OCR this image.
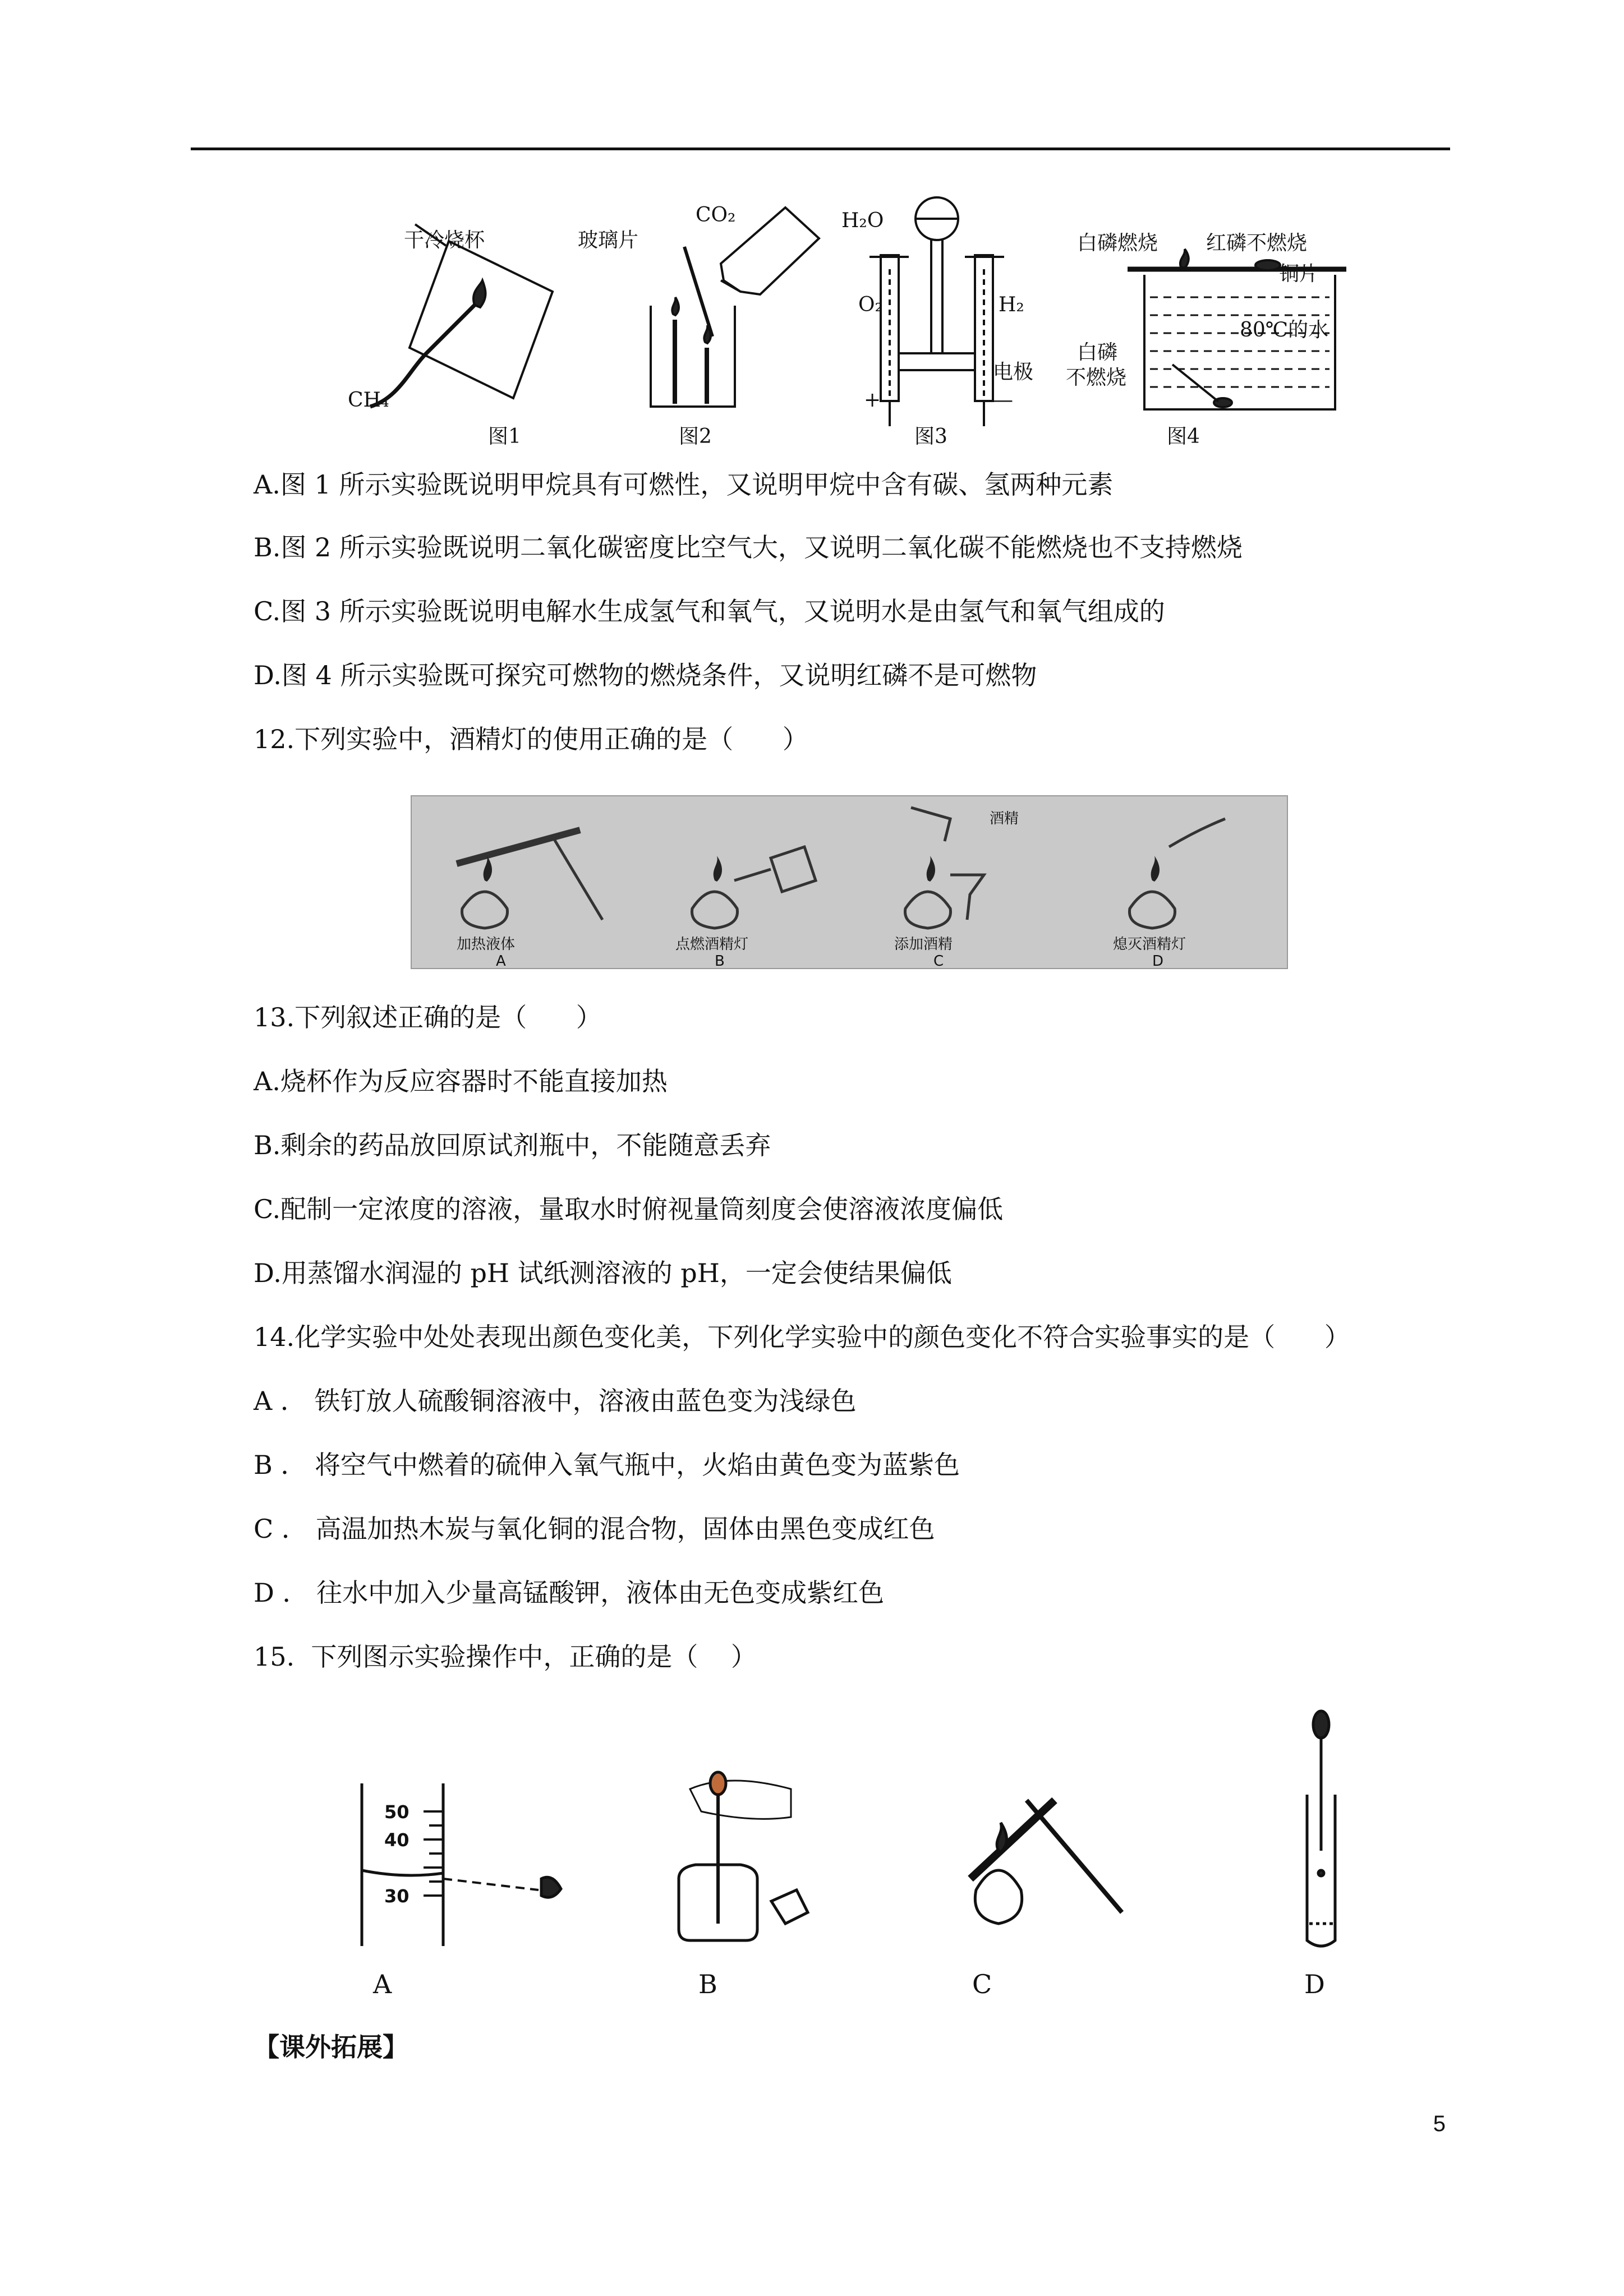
干冷烧杯
CH₄
玻璃片
CO₂	H₂O
O₂	H₂
电极
+	—
白磷燃烧 红磷不燃烧
铜片
80℃的水
白磷
不燃烧
图1	图2	图3	图4
A.图 1 所示实验既说明甲烷具有可燃性，又说明甲烷中含有碳、氢两种元素
B.图 2 所示实验既说明二氧化碳密度比空气大，又说明二氧化碳不能燃烧也不支持燃烧
C.图 3 所示实验既说明电解水生成氢气和氧气，又说明水是由氢气和氧气组成的
D.图 4 所示实验既可探究可燃物的燃烧条件，又说明红磷不是可燃物
12.下列实验中，酒精灯的使用正确的是（      ）
酒精
加热液体	点燃酒精灯	添加酒精	熄灭酒精灯
A	B	C	D
13.下列叙述正确的是（      ）
A.烧杯作为反应容器时不能直接加热
B.剩余的药品放回原试剂瓶中，不能随意丢弃
C.配制一定浓度的溶液，量取水时俯视量筒刻度会使溶液浓度偏低
D.用蒸馏水润湿的 pH 试纸测溶液的 pH，一定会使结果偏低
14.化学实验中处处表现出颜色变化美，下列化学实验中的颜色变化不符合实验事实的是（      ）
A ． 铁钉放人硫酸铜溶液中，溶液由蓝色变为浅绿色
B ． 将空气中燃着的硫伸入氧气瓶中，火焰由黄色变为蓝紫色
C ． 高温加热木炭与氧化铜的混合物，固体由黑色变成红色
D ． 往水中加入少量高锰酸钾，液体由无色变成紫红色
15.  下列图示实验操作中，正确的是（    ）
50
40
30
A	B	C	D
【课外拓展】
5
